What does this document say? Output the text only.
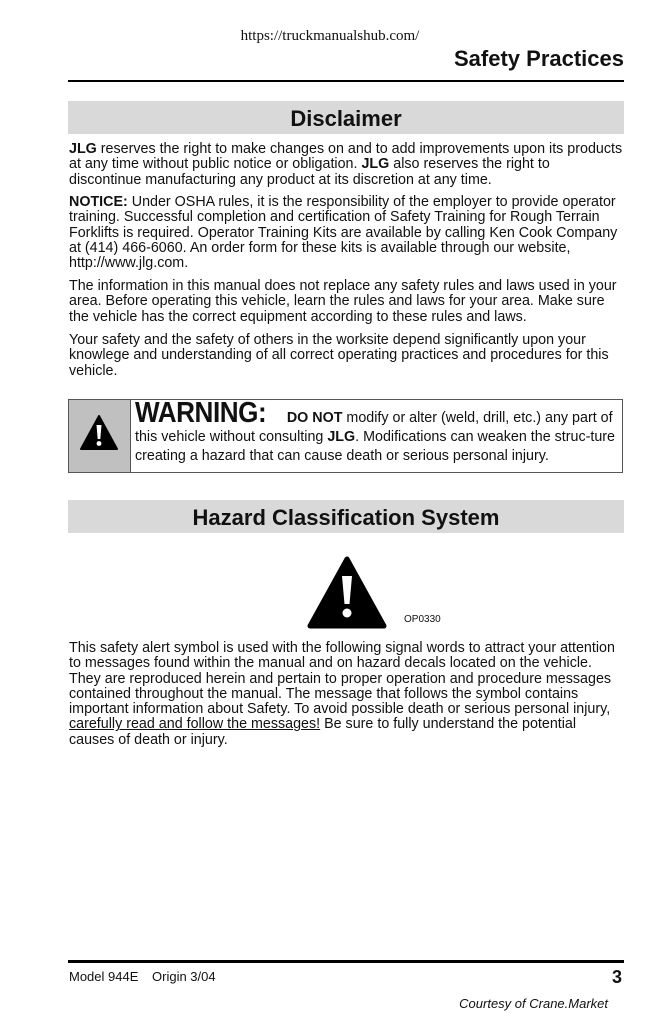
https://truckmanualshub.com/
Safety Practices
Disclaimer

JLG reserves the right to make changes on and to add improvements upon its products at any time without public notice or obligation. JLG also reserves the right to discontinue manufacturing any product at its discretion at any time.

NOTICE: Under OSHA rules, it is the responsibility of the employer to provide operator training. Successful completion and certification of Safety Training for Rough Terrain Forklifts is required. Operator Training Kits are available by calling Ken Cook Company at (414) 466-6060. An order form for these kits is available through our website, http://www.jlg.com.

The information in this manual does not replace any safety rules and laws used in your area. Before operating this vehicle, learn the rules and laws for your area. Make sure the vehicle has the correct equipment according to these rules and laws.

Your safety and the safety of others in the worksite depend significantly upon your knowlege and understanding of all correct operating practices and procedures for this vehicle.

WARNING: DO NOT modify or alter (weld, drill, etc.) any part of this vehicle without consulting JLG. Modifications can weaken the struc-ture creating a hazard that can cause death or serious personal injury.
Hazard Classification System
OP0330

This safety alert symbol is used with the following signal words to attract your attention to messages found within the manual and on hazard decals located on the vehicle. They are reproduced herein and pertain to proper operation and procedure messages contained throughout the manual. The message that follows the symbol contains important information about Safety. To avoid possible death or serious personal injury, carefully read and follow the messages! Be sure to fully understand the potential causes of death or injury.

Model 944E Origin 3/04	3
Courtesy of Crane.Market
